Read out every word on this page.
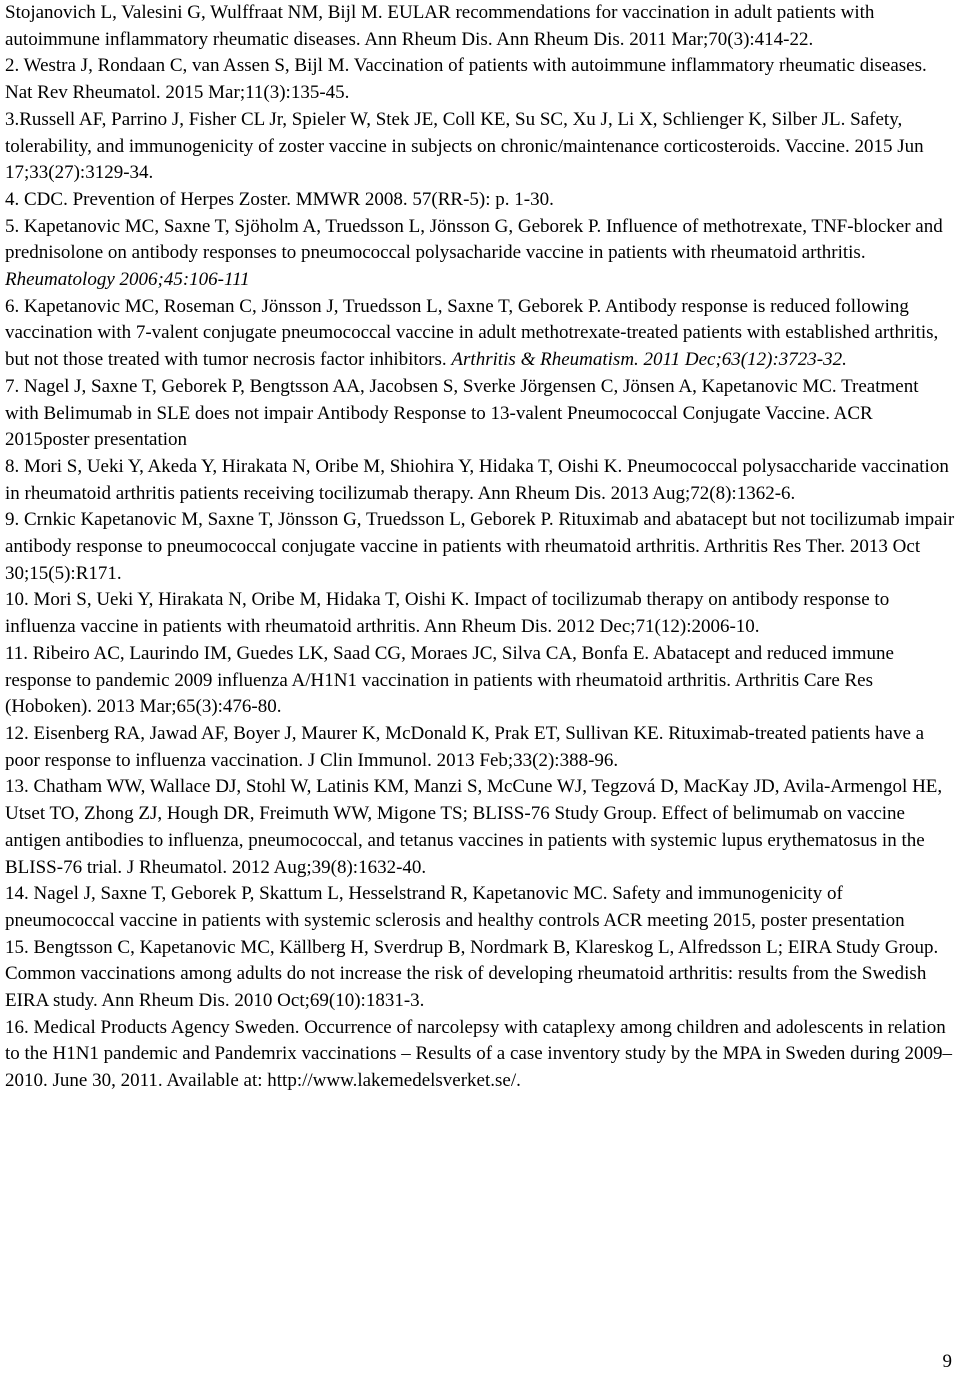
Stojanovich L, Valesini G, Wulffraat NM, Bijl M. EULAR recommendations for vaccination in adult patients with autoimmune inflammatory rheumatic diseases. Ann Rheum Dis. Ann Rheum Dis. 2011 Mar;70(3):414-22.

2. Westra J, Rondaan C, van Assen S, Bijl M. Vaccination of patients with autoimmune inflammatory rheumatic diseases. Nat Rev Rheumatol. 2015 Mar;11(3):135-45.

3.Russell AF, Parrino J, Fisher CL Jr, Spieler W, Stek JE, Coll KE, Su SC, Xu J, Li X, Schlienger K, Silber JL. Safety, tolerability, and immunogenicity of zoster vaccine in subjects on chronic/maintenance corticosteroids. Vaccine. 2015 Jun 17;33(27):3129-34.

4. CDC. Prevention of Herpes Zoster. MMWR 2008. 57(RR-5): p. 1-30.

5. Kapetanovic MC, Saxne T, Sjöholm A, Truedsson L, Jönsson G, Geborek P. Influence of methotrexate, TNF-blocker and prednisolone on antibody responses to pneumococcal polysacharide vaccine in patients with rheumatoid arthritis. Rheumatology 2006;45:106-111

6. Kapetanovic MC, Roseman C, Jönsson J, Truedsson L, Saxne T, Geborek P. Antibody response is reduced following vaccination with 7-valent conjugate pneumococcal vaccine in adult methotrexate-treated patients with established arthritis, but not those treated with tumor necrosis factor inhibitors. Arthritis & Rheumatism. 2011 Dec;63(12):3723-32.

7. Nagel J, Saxne T, Geborek P, Bengtsson AA, Jacobsen S, Sverke Jörgensen C, Jönsen A, Kapetanovic MC. Treatment with Belimumab in SLE does not impair Antibody Response to 13-valent Pneumococcal Conjugate Vaccine. ACR 2015poster presentation

8. Mori S, Ueki Y, Akeda Y, Hirakata N, Oribe M, Shiohira Y, Hidaka T, Oishi K. Pneumococcal polysaccharide vaccination in rheumatoid arthritis patients receiving tocilizumab therapy. Ann Rheum Dis. 2013 Aug;72(8):1362-6.

9. Crnkic Kapetanovic M, Saxne T, Jönsson G, Truedsson L, Geborek P. Rituximab and abatacept but not tocilizumab impair antibody response to pneumococcal conjugate vaccine in patients with rheumatoid arthritis. Arthritis Res Ther. 2013 Oct 30;15(5):R171.

10. Mori S, Ueki Y, Hirakata N, Oribe M, Hidaka T, Oishi K. Impact of tocilizumab therapy on antibody response to influenza vaccine in patients with rheumatoid arthritis. Ann Rheum Dis. 2012 Dec;71(12):2006-10.

11. Ribeiro AC, Laurindo IM, Guedes LK, Saad CG, Moraes JC, Silva CA, Bonfa E. Abatacept and reduced immune response to pandemic 2009 influenza A/H1N1 vaccination in patients with rheumatoid arthritis. Arthritis Care Res (Hoboken). 2013 Mar;65(3):476-80.

12. Eisenberg RA, Jawad AF, Boyer J, Maurer K, McDonald K, Prak ET, Sullivan KE. Rituximab-treated patients have a poor response to influenza vaccination. J Clin Immunol. 2013 Feb;33(2):388-96.

13. Chatham WW, Wallace DJ, Stohl W, Latinis KM, Manzi S, McCune WJ, Tegzová D, MacKay JD, Avila-Armengol HE, Utset TO, Zhong ZJ, Hough DR, Freimuth WW, Migone TS; BLISS-76 Study Group. Effect of belimumab on vaccine antigen antibodies to influenza, pneumococcal, and tetanus vaccines in patients with systemic lupus erythematosus in the BLISS-76 trial. J Rheumatol. 2012 Aug;39(8):1632-40.

14. Nagel J, Saxne T, Geborek P, Skattum L, Hesselstrand R, Kapetanovic MC. Safety and immunogenicity of pneumococcal vaccine in patients with systemic sclerosis and healthy controls ACR meeting 2015, poster presentation

15. Bengtsson C, Kapetanovic MC, Källberg H, Sverdrup B, Nordmark B, Klareskog L, Alfredsson L; EIRA Study Group. Common vaccinations among adults do not increase the risk of developing rheumatoid arthritis: results from the Swedish EIRA study. Ann Rheum Dis. 2010 Oct;69(10):1831-3.

16. Medical Products Agency Sweden. Occurrence of narcolepsy with cataplexy among children and adolescents in relation to the H1N1 pandemic and Pandemrix vaccinations – Results of a case inventory study by the MPA in Sweden during 2009–2010. June 30, 2011. Available at: http://www.lakemedelsverket.se/.

9
